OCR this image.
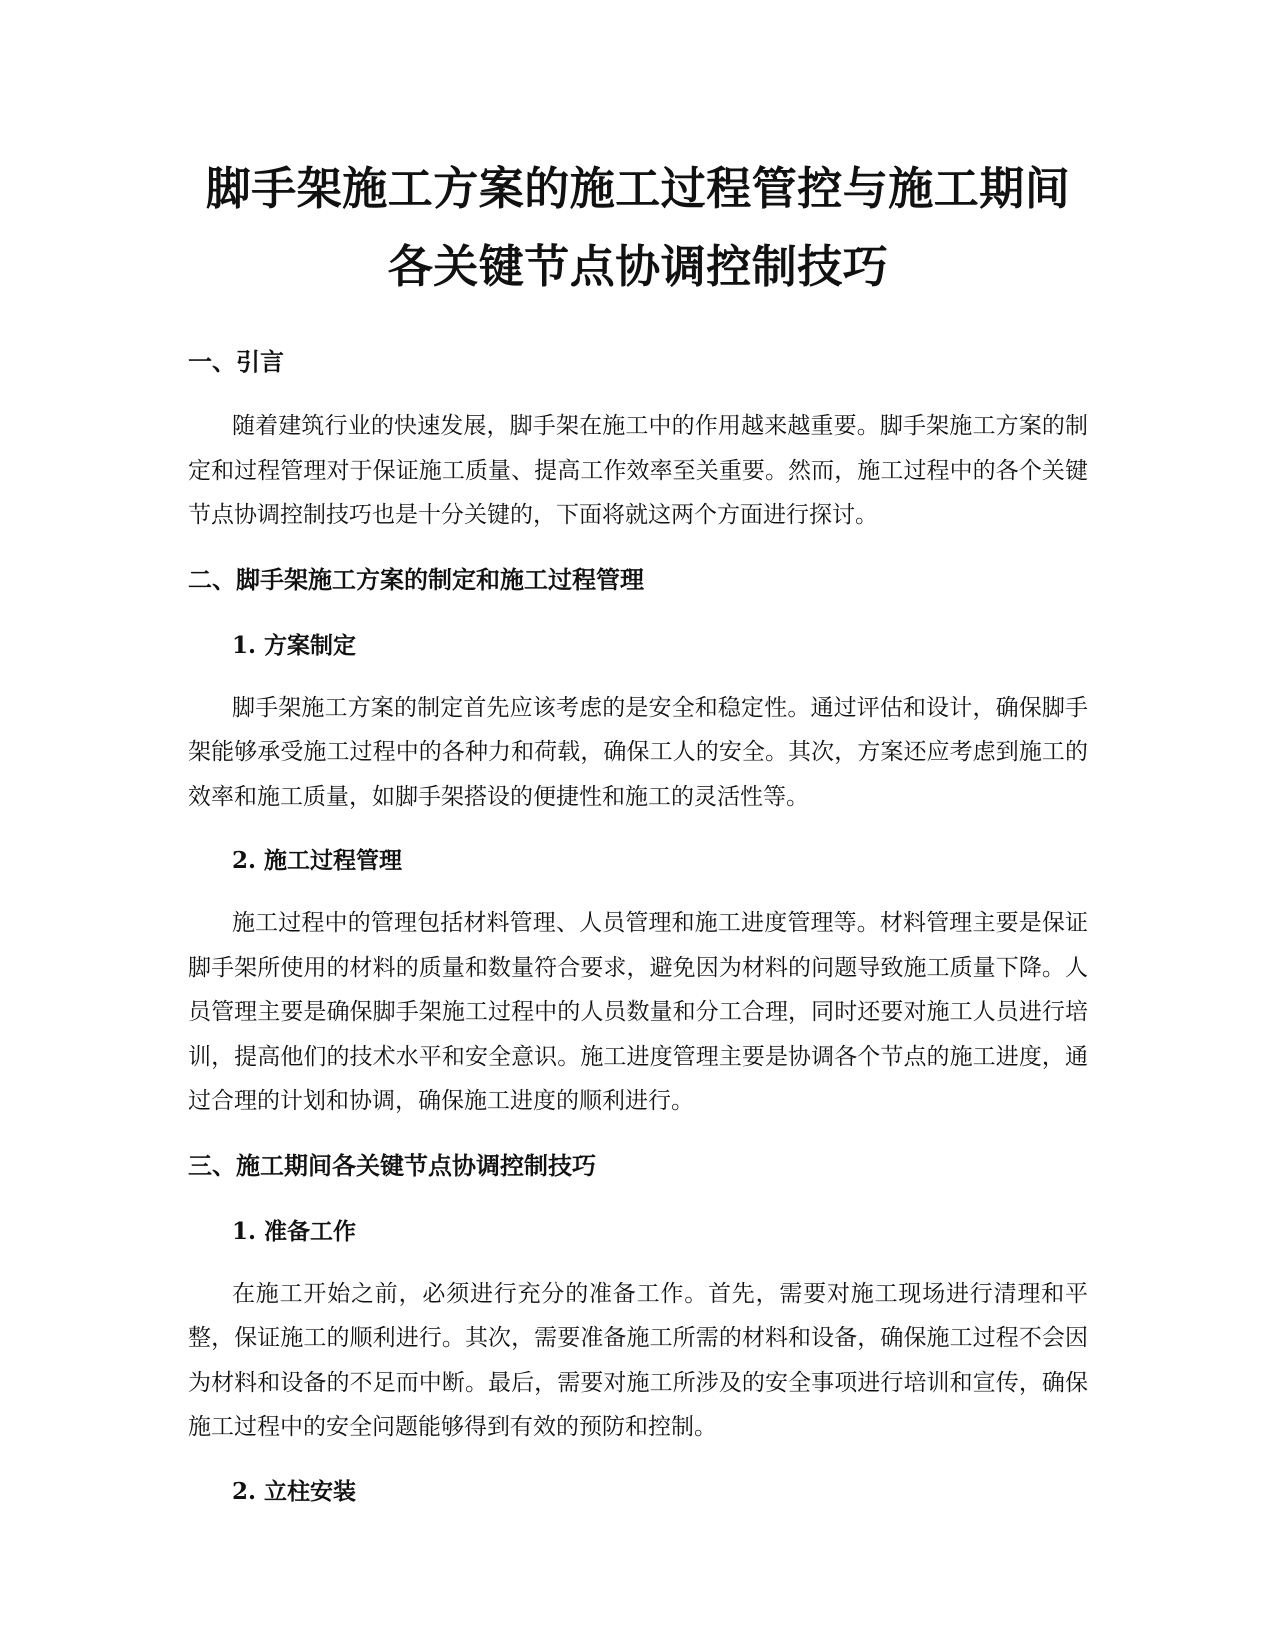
脚手架施工方案的施工过程管控与施工期间
各关键节点协调控制技巧
一、引言

随着建筑行业的快速发展，脚手架在施工中的作用越来越重要。脚手架施工方案的制定和过程管理对于保证施工质量、提高工作效率至关重要。然而，施工过程中的各个关键节点协调控制技巧也是十分关键的，下面将就这两个方面进行探讨。

二、脚手架施工方案的制定和施工过程管理
1. 方案制定

脚手架施工方案的制定首先应该考虑的是安全和稳定性。通过评估和设计，确保脚手架能够承受施工过程中的各种力和荷载，确保工人的安全。其次，方案还应考虑到施工的效率和施工质量，如脚手架搭设的便捷性和施工的灵活性等。

2. 施工过程管理

施工过程中的管理包括材料管理、人员管理和施工进度管理等。材料管理主要是保证脚手架所使用的材料的质量和数量符合要求，避免因为材料的问题导致施工质量下降。人员管理主要是确保脚手架施工过程中的人员数量和分工合理，同时还要对施工人员进行培训，提高他们的技术水平和安全意识。施工进度管理主要是协调各个节点的施工进度，通过合理的计划和协调，确保施工进度的顺利进行。

三、施工期间各关键节点协调控制技巧
1. 准备工作

在施工开始之前，必须进行充分的准备工作。首先，需要对施工现场进行清理和平整，保证施工的顺利进行。其次，需要准备施工所需的材料和设备，确保施工过程不会因为材料和设备的不足而中断。最后，需要对施工所涉及的安全事项进行培训和宣传，确保施工过程中的安全问题能够得到有效的预防和控制。

2. 立柱安装
